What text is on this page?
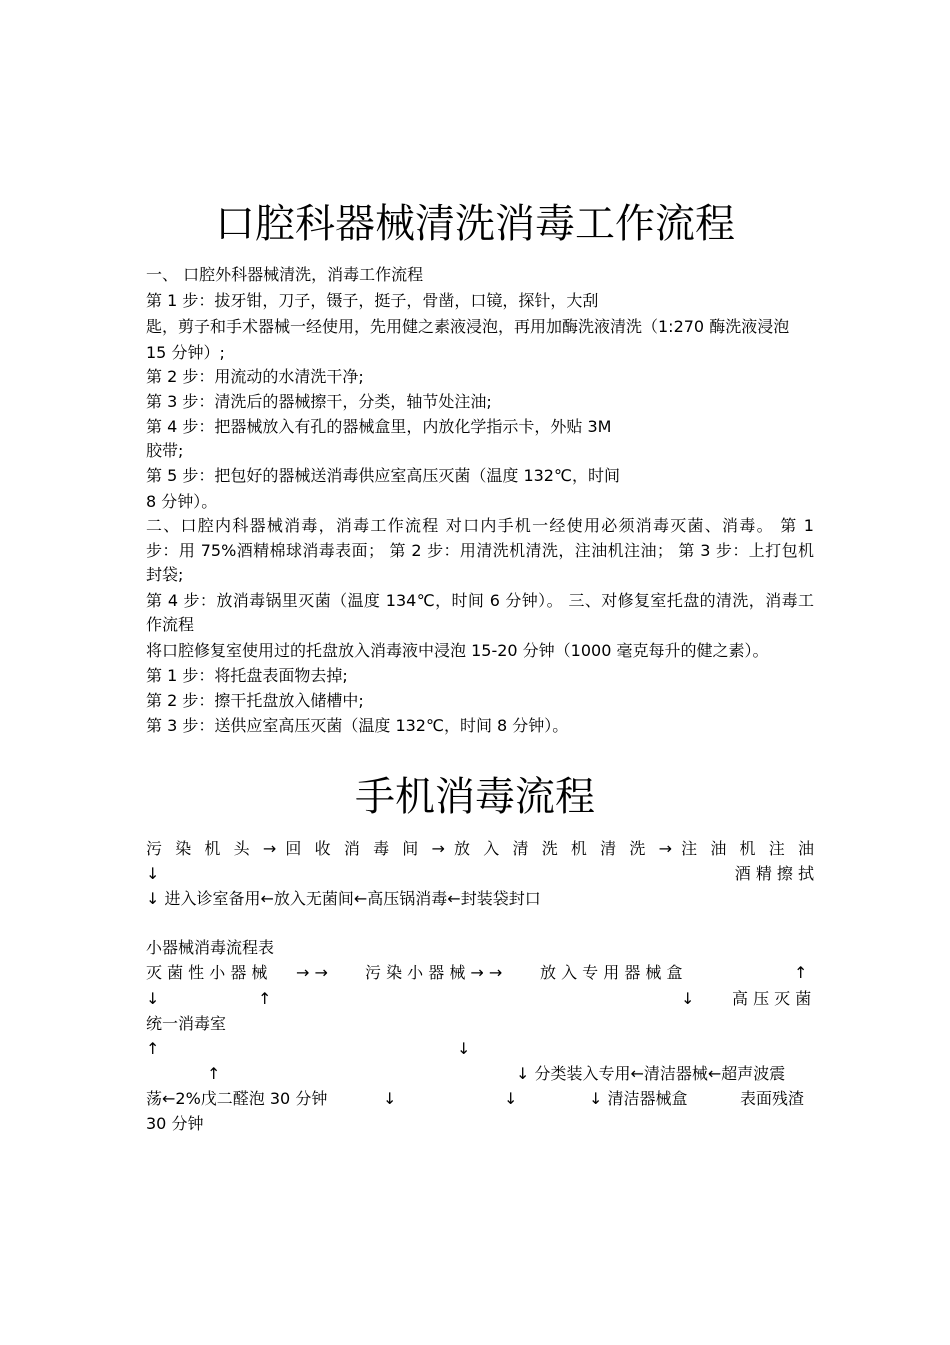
口腔科器械清洗消毒工作流程
一、 口腔外科器械清洗，消毒工作流程
第 1 步：拔牙钳，刀子，镊子，挺子，骨凿，口镜，探针，大刮
匙，剪子和手术器械一经使用，先用健之素液浸泡，再用加酶洗液清洗（1:270 酶洗液浸泡
15 分钟）;
第 2 步：用流动的水清洗干净;
第 3 步：清洗后的器械擦干，分类，轴节处注油;
第 4 步：把器械放入有孔的器械盒里，内放化学指示卡，外贴 3M
胶带;
第 5 步：把包好的器械送消毒供应室高压灭菌（温度 132℃，时间
8 分钟）。
二、口腔内科器械消毒，消毒工作流程 对口内手机一经使用必须消毒灭菌、消毒。 第 1
步：用 75%酒精棉球消毒表面； 第 2 步：用清洗机清洗，注油机注油； 第 3 步：上打包机
封袋;
第 4 步：放消毒锅里灭菌（温度 134℃，时间 6 分钟）。 三、对修复室托盘的清洗，消毒工
作流程
将口腔修复室使用过的托盘放入消毒液中浸泡 15-20 分钟（1000 毫克每升的健之素）。
第 1 步：将托盘表面物去掉;
第 2 步：擦干托盘放入储槽中;
第 3 步：送供应室高压灭菌（温度 132℃，时间 8 分钟）。
手机消毒流程
污 染 机 头 → 回 收 消 毒 间 → 放 入 清 洗 机 清 洗 → 注 油 机 注 油
↓	酒 精 擦 拭
↓ 进入诊室备用←放入无菌间←高压锅消毒←封装袋封口
小器械消毒流程表
灭 菌 性 小 器 械 → → 污 染 小 器 械 → → 放 入 专 用 器 械 盒	↑
↓	↑	↓ 高 压 灭 菌
统一消毒室
↑	↓
↑	↓ 分类装入专用←清洁器械←超声波震
荡←2%戊二醛泡 30 分钟	↓	↓	↓ 清洁器械盒	表面残渣
30 分钟
